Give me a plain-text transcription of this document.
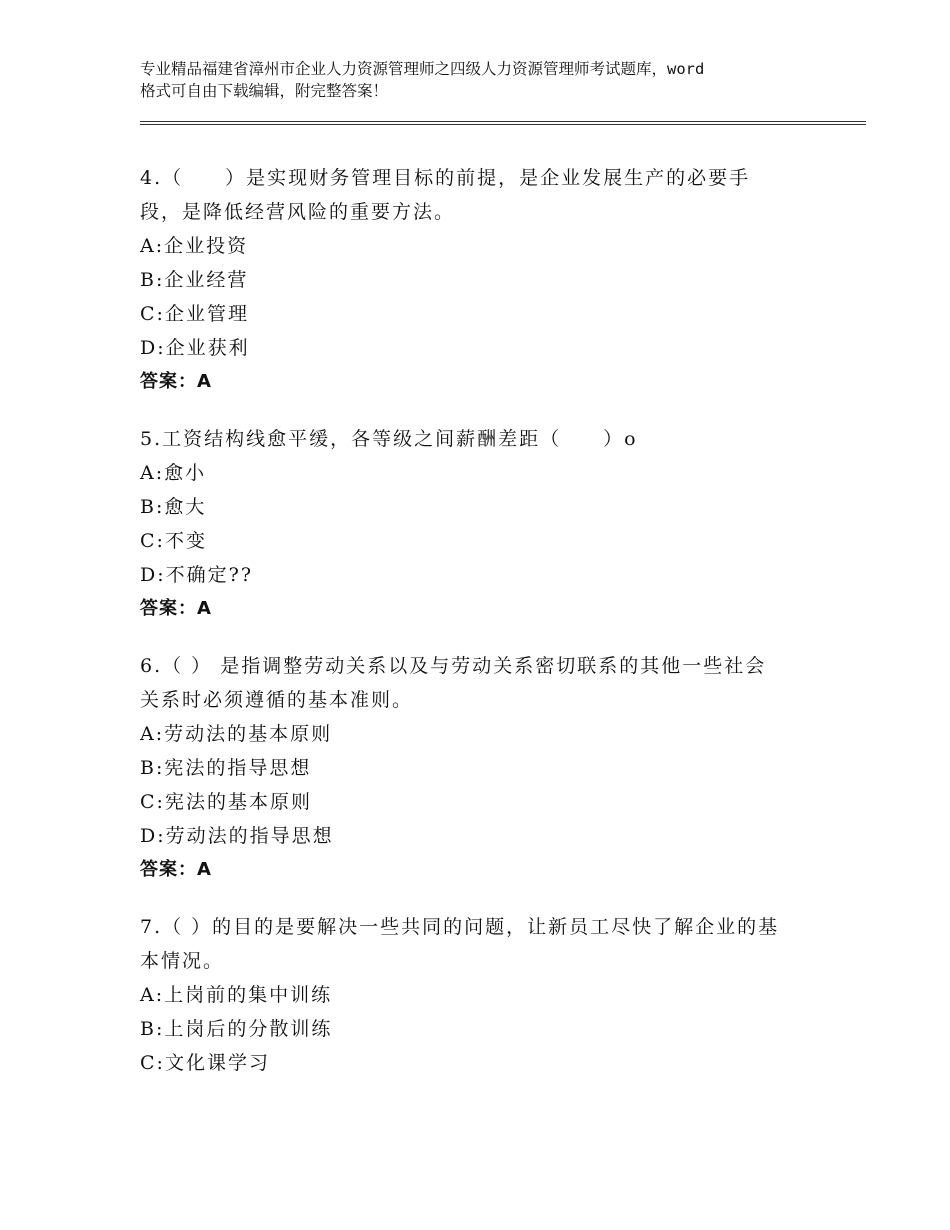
专业精品福建省漳州市企业人力资源管理师之四级人力资源管理师考试题库，word
格式可自由下载编辑，附完整答案！
4.（　　）是实现财务管理目标的前提，是企业发展生产的必要手
段，是降低经营风险的重要方法。
A: 企业投资
B: 企业经营
C: 企业管理
D: 企业获利
答案：A
5.工资结构线愈平缓，各等级之间薪酬差距（　　）o
A: 愈小
B: 愈大
C: 不变
D: 不确定??
答案：A
6.（ ） 是指调整劳动关系以及与劳动关系密切联系的其他一些社会
关系时必须遵循的基本准则。
A: 劳动法的基本原则
B: 宪法的指导思想
C: 宪法的基本原则
D: 劳动法的指导思想
答案：A
7.（ ）的目的是要解决一些共同的问题，让新员工尽快了解企业的基
本情况。
A: 上岗前的集中训练
B: 上岗后的分散训练
C: 文化课学习
